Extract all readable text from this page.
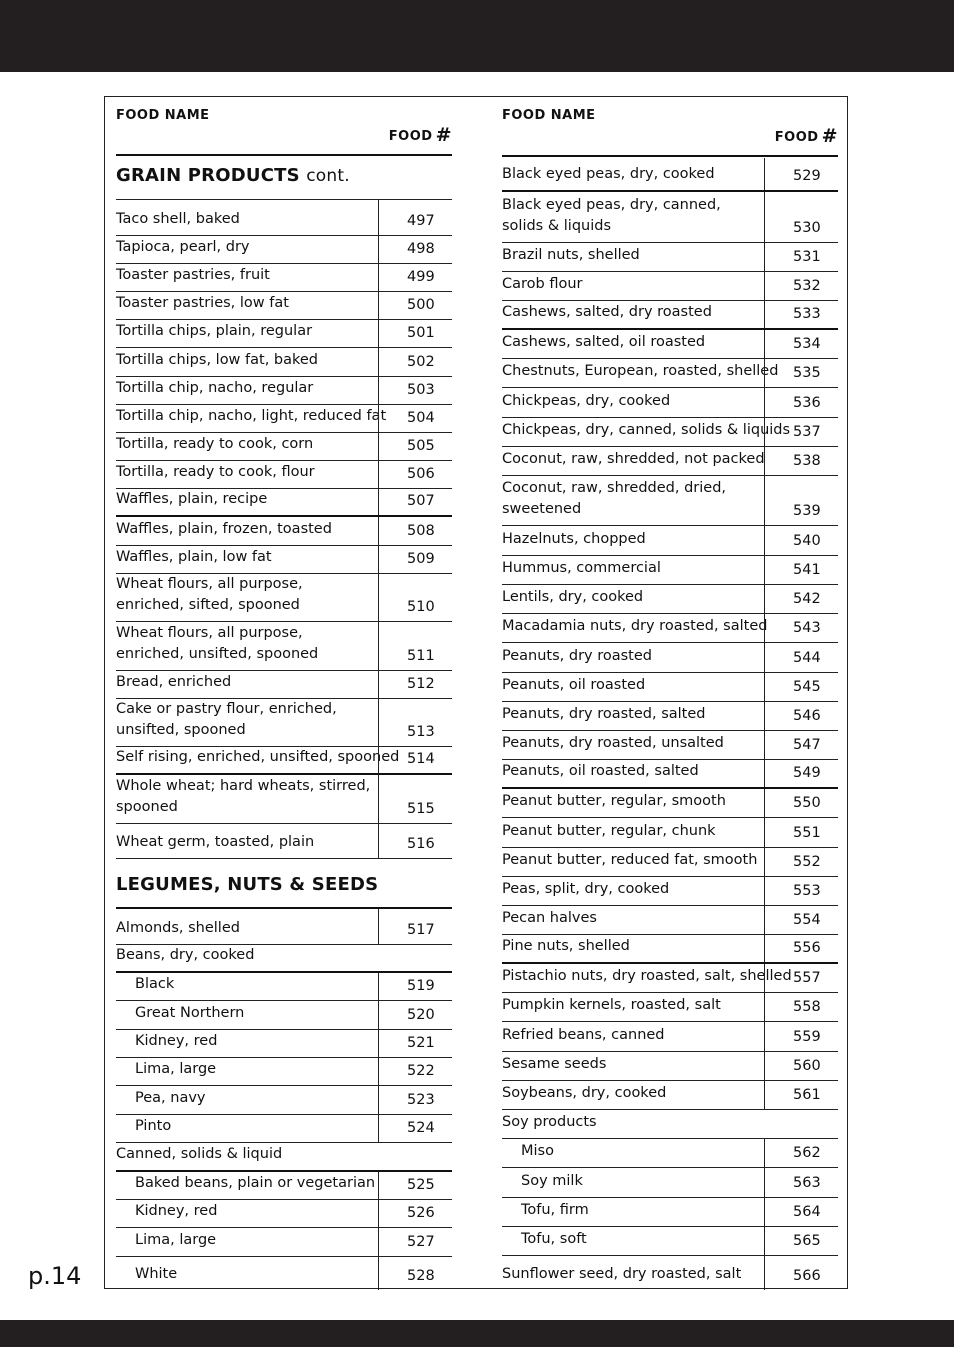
p.14
FOOD NAME
FOOD #
GRAIN PRODUCTS cont.
LEGUMES, NUTS & SEEDS
Taco shell, baked	497
Tapioca, pearl, dry	498
Toaster pastries, fruit	499
Toaster pastries, low fat	500
Tortilla chips, plain, regular	501
Tortilla chips, low fat, baked	502
Tortilla chip, nacho, regular	503
Tortilla chip, nacho, light, reduced fat 504
Tortilla, ready to cook, corn	505
Tortilla, ready to cook, flour	506
Waffles, plain, recipe	507
Waffles, plain, frozen, toasted	508
Waffles, plain, low fat	509
Wheat flours, all purpose,
enriched, sifted, spooned	510
Wheat flours, all purpose,
enriched, unsifted, spooned	511
Bread, enriched	512
Cake or pastry flour, enriched,
unsifted, spooned	513
Self rising, enriched, unsifted, spooned 514
Whole wheat; hard wheats, stirred,
spooned	515
Wheat germ, toasted, plain	516
Almonds, shelled	517
Beans, dry, cooked
Black	519
Great Northern	520
Kidney, red	521
Lima, large	522
Pea, navy	523
Pinto	524
Canned, solids & liquid
Baked beans, plain or vegetarian 525
Kidney, red	526
Lima, large	527
White	528
FOOD NAME
FOOD #
Black eyed peas, dry, cooked	529
Black eyed peas, dry, canned,
solids & liquids	530
Brazil nuts, shelled	531
Carob flour	532
Cashews, salted, dry roasted	533
Cashews, salted, oil roasted	534
Chestnuts, European, roasted, shelled 535
Chickpeas, dry, cooked	536
Chickpeas, dry, canned, solids & liquids 537
Coconut, raw, shredded, not packed 538
Coconut, raw, shredded, dried,
sweetened	539
Hazelnuts, chopped	540
Hummus, commercial	541
Lentils, dry, cooked	542
Macadamia nuts, dry roasted, salted 543
Peanuts, dry roasted	544
Peanuts, oil roasted	545
Peanuts, dry roasted, salted	546
Peanuts, dry roasted, unsalted	547
Peanuts, oil roasted, salted	549
Peanut butter, regular, smooth	550
Peanut butter, regular, chunk	551
Peanut butter, reduced fat, smooth 552
Peas, split, dry, cooked	553
Pecan halves	554
Pine nuts, shelled	556
Pistachio nuts, dry roasted, salt, shelled 557
Pumpkin kernels, roasted, salt	558
Refried beans, canned	559
Sesame seeds	560
Soybeans, dry, cooked	561
Soy products
Miso	562
Soy milk	563
Tofu, firm	564
Tofu, soft	565
Sunflower seed, dry roasted, salt	566
